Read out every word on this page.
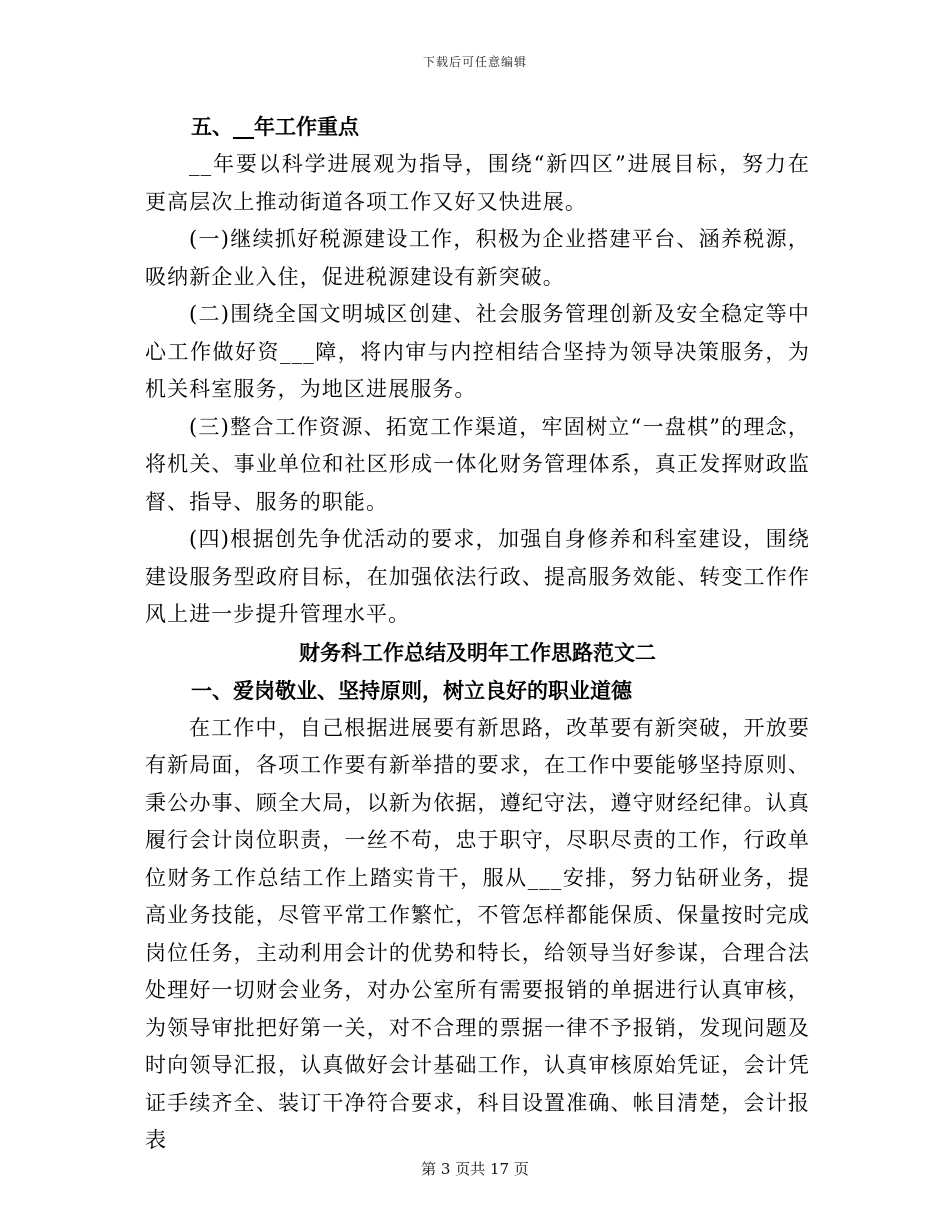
下载后可任意编辑
五、__年工作重点

__年要以科学进展观为指导，围绕“新四区”进展目标，努力在更高层次上推动街道各项工作又好又快进展。

(一)继续抓好税源建设工作，积极为企业搭建平台、涵养税源，吸纳新企业入住，促进税源建设有新突破。

(二)围绕全国文明城区创建、社会服务管理创新及安全稳定等中心工作做好资___障，将内审与内控相结合坚持为领导决策服务，为机关科室服务，为地区进展服务。

(三)整合工作资源、拓宽工作渠道，牢固树立“一盘棋”的理念，将机关、事业单位和社区形成一体化财务管理体系，真正发挥财政监督、指导、服务的职能。

(四)根据创先争优活动的要求，加强自身修养和科室建设，围绕建设服务型政府目标，在加强依法行政、提高服务效能、转变工作作风上进一步提升管理水平。

财务科工作总结及明年工作思路范文二
一、爱岗敬业、坚持原则，树立良好的职业道德

在工作中，自己根据进展要有新思路，改革要有新突破，开放要有新局面，各项工作要有新举措的要求，在工作中要能够坚持原则、秉公办事、顾全大局，以新为依据，遵纪守法，遵守财经纪律。认真履行会计岗位职责，一丝不苟，忠于职守，尽职尽责的工作，行政单位财务工作总结工作上踏实肯干，服从___安排，努力钻研业务，提高业务技能，尽管平常工作繁忙，不管怎样都能保质、保量按时完成岗位任务，主动利用会计的优势和特长，给领导当好参谋，合理合法处理好一切财会业务，对办公室所有需要报销的单据进行认真审核，为领导审批把好第一关，对不合理的票据一律不予报销，发现问题及时向领导汇报，认真做好会计基础工作，认真审核原始凭证，会计凭证手续齐全、装订干净符合要求，科目设置准确、帐目清楚，会计报表

第 3 页共 17 页
